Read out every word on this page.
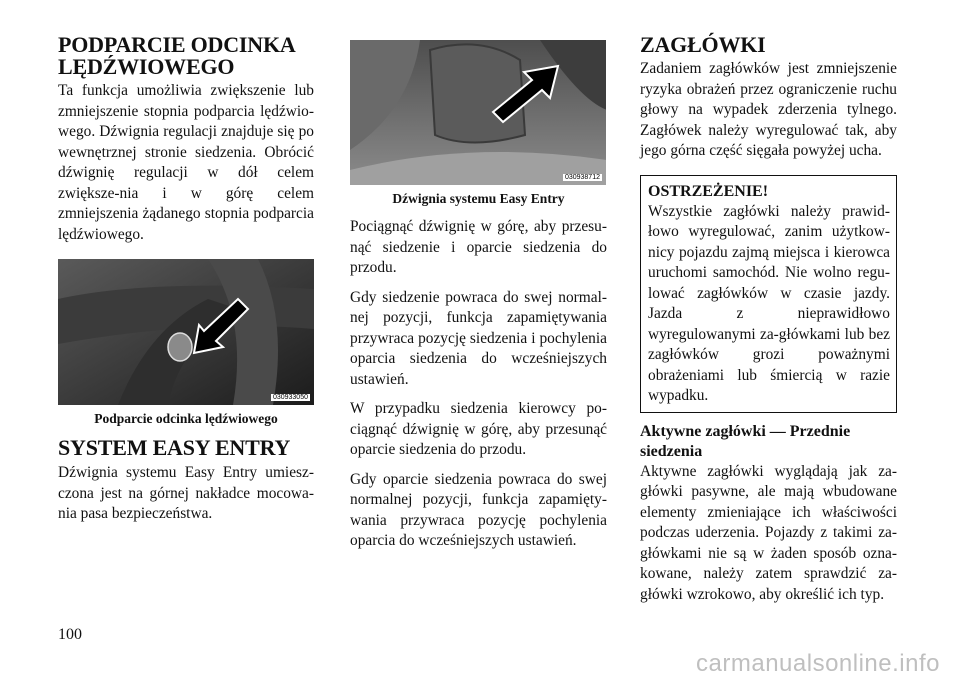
PODPARCIE ODCINKA LĘDŹWIOWEGO

Ta funkcja umożliwia zwiększenie lub zmniejszenie stopnia podparcia lędźwio-wego. Dźwignia regulacji znajduje się po wewnętrznej stronie siedzenia. Obrócić dźwignię regulacji w dół celem zwiększe-nia i w górę celem zmniejszenia żądanego stopnia podparcia lędźwiowego.

030933050
Podparcie odcinka lędźwiowego
SYSTEM EASY ENTRY

Dźwignia systemu Easy Entry umiesz-czona jest na górnej nakładce mocowa-nia pasa bezpieczeństwa.

030938712
Dźwignia systemu Easy Entry

Pociągnąć dźwignię w górę, aby przesu-nąć siedzenie i oparcie siedzenia do przodu.

Gdy siedzenie powraca do swej normal-nej pozycji, funkcja zapamiętywania przywraca pozycję siedzenia i pochylenia oparcia siedzenia do wcześniejszych ustawień.

W przypadku siedzenia kierowcy po-ciągnąć dźwignię w górę, aby przesunąć oparcie siedzenia do przodu.

Gdy oparcie siedzenia powraca do swej normalnej pozycji, funkcja zapamięty-wania przywraca pozycję pochylenia oparcia do wcześniejszych ustawień.

ZAGŁÓWKI

Zadaniem zagłówków jest zmniejszenie ryzyka obrażeń przez ograniczenie ruchu głowy na wypadek zderzenia tylnego. Zagłówek należy wyregulować tak, aby jego górna część sięgała powyżej ucha.

OSTRZEŻENIE!

Wszystkie zagłówki należy prawid-łowo wyregulować, zanim użytkow-nicy pojazdu zajmą miejsca i kierowca uruchomi samochód. Nie wolno regu-lować zagłówków w czasie jazdy. Jazda z nieprawidłowo wyregulowanymi za-główkami lub bez zagłówków grozi poważnymi obrażeniami lub śmiercią w razie wypadku.

Aktywne zagłówki — Przednie siedzenia

Aktywne zagłówki wyglądają jak za-główki pasywne, ale mają wbudowane elementy zmieniające ich właściwości podczas uderzenia. Pojazdy z takimi za-główkami nie są w żaden sposób ozna-kowane, należy zatem sprawdzić za-główki wzrokowo, aby określić ich typ.

100
carmanualsonline.info
